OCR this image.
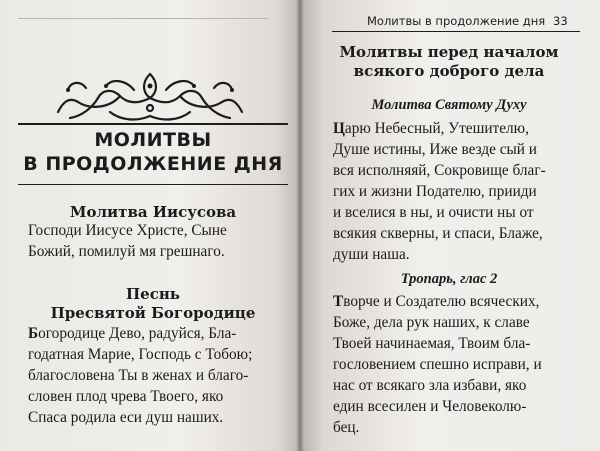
МОЛИТВЫ
В ПРОДОЛЖЕНИЕ ДНЯ
Молитва Иисусова
Господи Иисусе Христе, Сыне
Божий, помилуй мя грешнаго.
Песнь
Пресвятой Богородице
Богородице Дево, радуйся, Бла-
годатная Марие, Господь с Тобою;
благословена Ты в женах и благо-
словен плод чрева Твоего, яко
Спаса родила еси душ наших.
Молитвы в продолжение дня 33
Молитвы перед началом
всякого доброго дела
Молитва Святому Духу
Царю Небесный, Утешителю,
Душе истины, Иже везде сый и
вся исполняяй, Сокровище благ-
гих и жизни Подателю, прииди
и вселися в ны, и очисти ны от
всякия скверны, и спаси, Блаже,
души наша.
Тропарь, глас 2
Творче и Создателю всяческих,
Боже, дела рук наших, к славе
Твоей начинаемая, Твоим бла-
гословением спешно исправи, и
нас от всякаго зла избави, яко
един всесилен и Человеколю-
бец.
